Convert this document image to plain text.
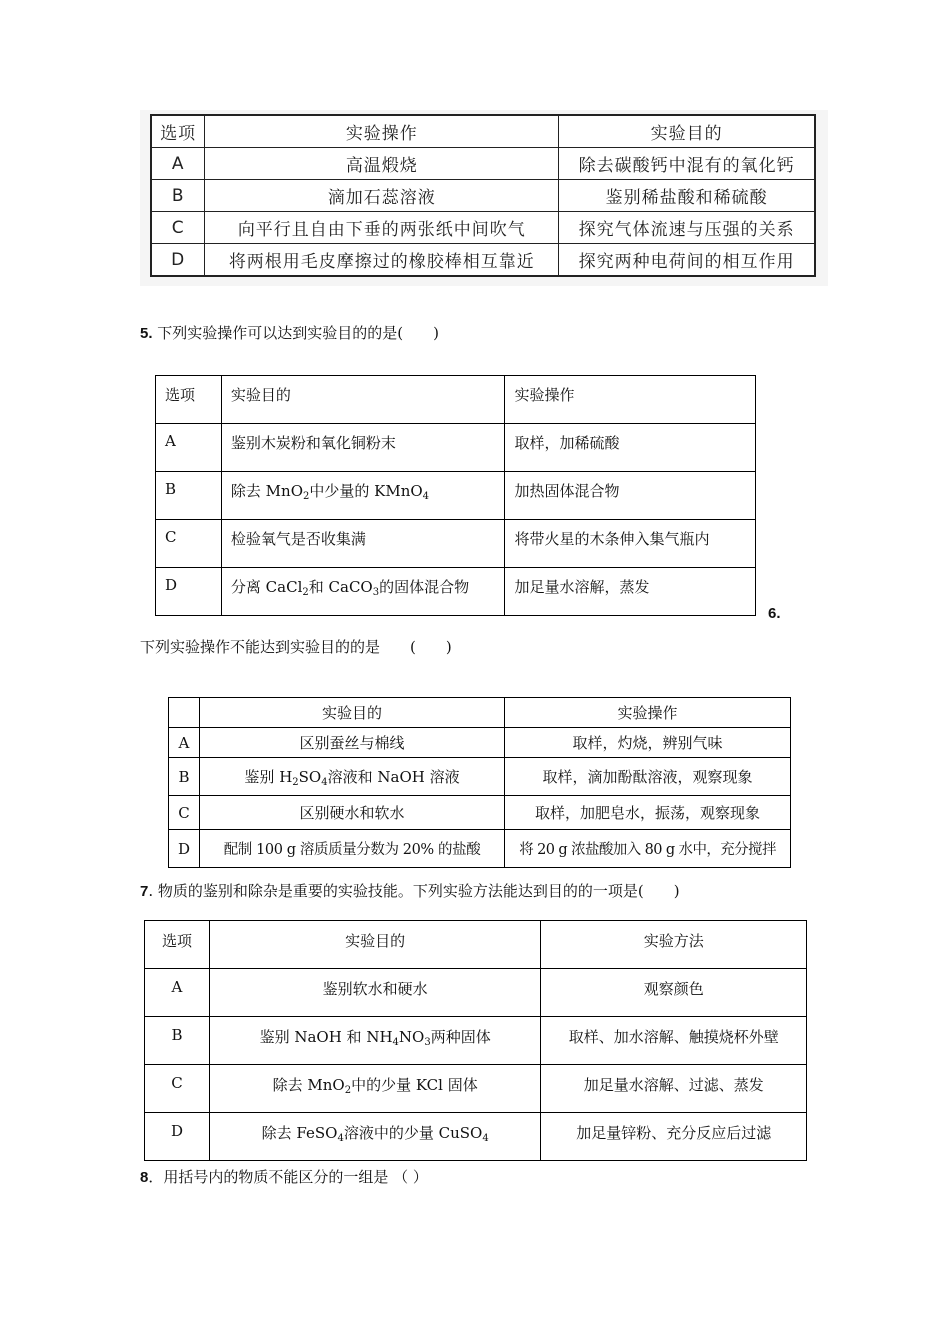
选项	实验操作	实验目的
A	高温煅烧	除去碳酸钙中混有的氧化钙
B	滴加石蕊溶液	鉴别稀盐酸和稀硫酸
C	向平行且自由下垂的两张纸中间吹气	探究气体流速与压强的关系
D	将两根用毛皮摩擦过的橡胶棒相互靠近	探究两种电荷间的相互作用
5. 下列实验操作可以达到实验目的的是(　　)
选项	实验目的	实验操作
A	鉴别木炭粉和氧化铜粉末	取样，加稀硫酸
B	除去 MnO$_2$中少量的 KMnO$_4$	加热固体混合物
C	检验氧气是否收集满	将带火星的木条伸入集气瓶内
D	分离 CaCl$_2$和 CaCO$_3$的固体混合物	加足量水溶解，蒸发
6.
下列实验操作不能达到实验目的的是　　(　　)
	实验目的	实验操作
A	区别蚕丝与棉线	取样，灼烧，辨别气味
B	鉴别 $H_2SO_4$溶液和 NaOH 溶液	取样，滴加酚酞溶液，观察现象
C	区别硬水和软水	取样，加肥皂水，振荡，观察现象
D	配制 100 g 溶质质量分数为 20% 的盐酸	将 20 g 浓盐酸加入 80 g 水中，充分搅拌
7. 物质的鉴别和除杂是重要的实验技能。下列实验方法能达到目的的一项是(　　)
选项	实验目的	实验方法
A	鉴别软水和硬水	观察颜色
B	鉴别 NaOH 和 $NH_4NO_3$两种固体	取样、加水溶解、触摸烧杯外壁
C	除去 MnO$_2$中的少量 KCl 固体	加足量水溶解、过滤、蒸发
D	除去 FeSO$_4$溶液中的少量 CuSO$_4$	加足量锌粉、充分反应后过滤
8．用括号内的物质不能区分的一组是 （ ）
